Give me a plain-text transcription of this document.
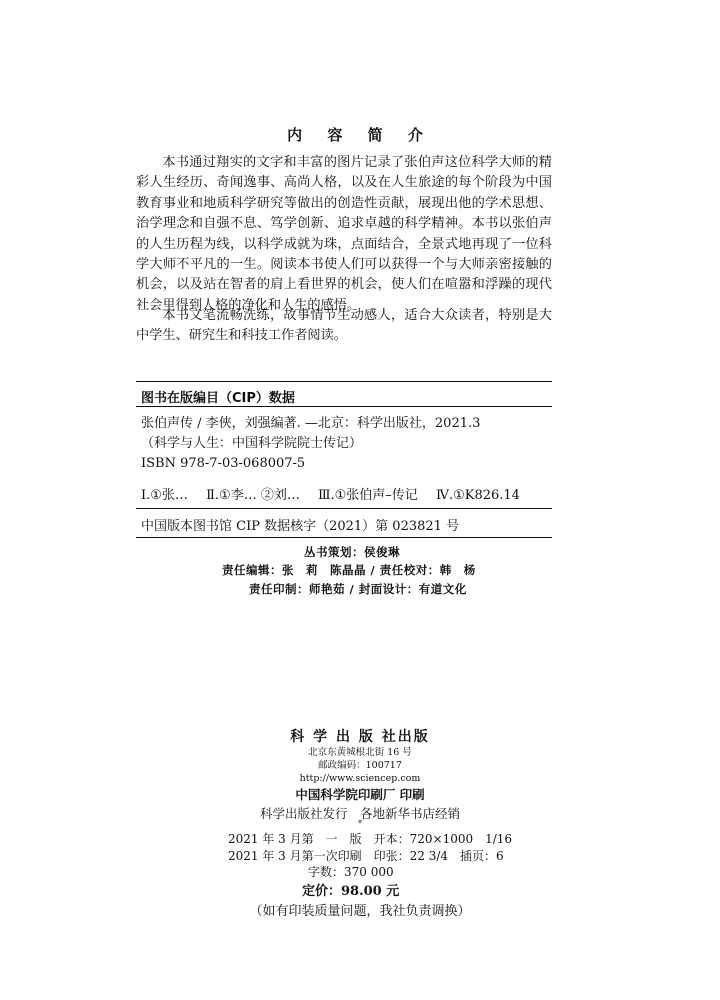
内 容 简 介

本书通过翔实的文字和丰富的图片记录了张伯声这位科学大师的精彩人生经历、奇闻逸事、高尚人格，以及在人生旅途的每个阶段为中国教育事业和地质科学研究等做出的创造性贡献，展现出他的学术思想、治学理念和自强不息、笃学创新、追求卓越的科学精神。本书以张伯声的人生历程为线，以科学成就为珠，点面结合，全景式地再现了一位科学大师不平凡的一生。阅读本书使人们可以获得一个与大师亲密接触的机会，以及站在智者的肩上看世界的机会，使人们在喧嚣和浮躁的现代社会里得到人格的净化和人生的感悟。

本书文笔流畅洗练，故事情节生动感人，适合大众读者，特别是大中学生、研究生和科技工作者阅读。

图书在版编目（CIP）数据
张伯声传 / 李俠，刘强编著. —北京：科学出版社，2021.3
（科学与人生：中国科学院院士传记）
ISBN 978-7-03-068007-5
Ⅰ.①张… Ⅱ.①李… ②刘… Ⅲ.①张伯声–传记 Ⅳ.①K826.14
中国版本图书馆 CIP 数据核字（2021）第 023821 号
丛书策划：侯俊琳
责任编辑：张　莉　陈晶晶 / 责任校对：韩　杨
责任印制：师艳茹 / 封面设计：有道文化
科 学 出 版 社出版
北京东黄城根北街 16 号
邮政编码：100717
http://www.sciencep.com
中国科学院印刷厂 印刷
科学出版社发行　各地新华书店经销
*
2021 年 3 月第　一　版　开本：720×1000　1/16
2021 年 3 月第一次印刷　印张：22 3/4　插页：6
字数：370 000
定价：98.00 元
（如有印装质量问题，我社负责调换）
